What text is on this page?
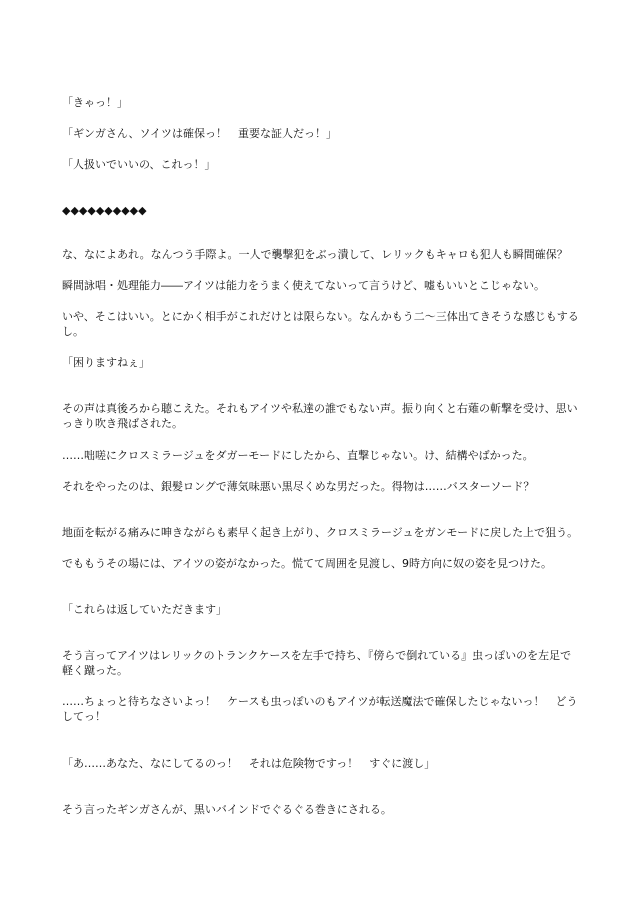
「きゃっ！」

「ギンガさん、ソイツは確保っ！　重要な証人だっ！」

「人扱いでいいの、これっ！」

◆◆◆◆◆◆◆◆◆◆

な、なによあれ。なんつう手際よ。一人で襲撃犯をぶっ潰して、レリックもキャロも犯人も瞬間確保？

瞬間詠唱・処理能力――アイツは能力をうまく使えてないって言うけど、嘘もいいとこじゃない。

いや、そこはいい。とにかく相手がこれだけとは限らない。なんかもう二～三体出てきそうな感じもするし。

「困りますねぇ」

その声は真後ろから聴こえた。それもアイツや私達の誰でもない声。振り向くと右薙の斬撃を受け、思いっきり吹き飛ばされた。

……咄嗟にクロスミラージュをダガーモードにしたから、直撃じゃない。け、結構やばかった。

それをやったのは、銀髪ロングで薄気味悪い黒尽くめな男だった。得物は……バスターソード？

地面を転がる痛みに呻きながらも素早く起き上がり、クロスミラージュをガンモードに戻した上で狙う。

でももうその場には、アイツの姿がなかった。慌てて周囲を見渡し、9時方向に奴の姿を見つけた。

「これらは返していただきます」

そう言ってアイツはレリックのトランクケースを左手で持ち、『傍らで倒れている』虫っぽいのを左足で軽く蹴った。

……ちょっと待ちなさいよっ！　ケースも虫っぽいのもアイツが転送魔法で確保したじゃないっ！　どうしてっ！

「あ……あなた、なにしてるのっ！　それは危険物ですっ！　すぐに渡し」

そう言ったギンガさんが、黒いバインドでぐるぐる巻きにされる。
